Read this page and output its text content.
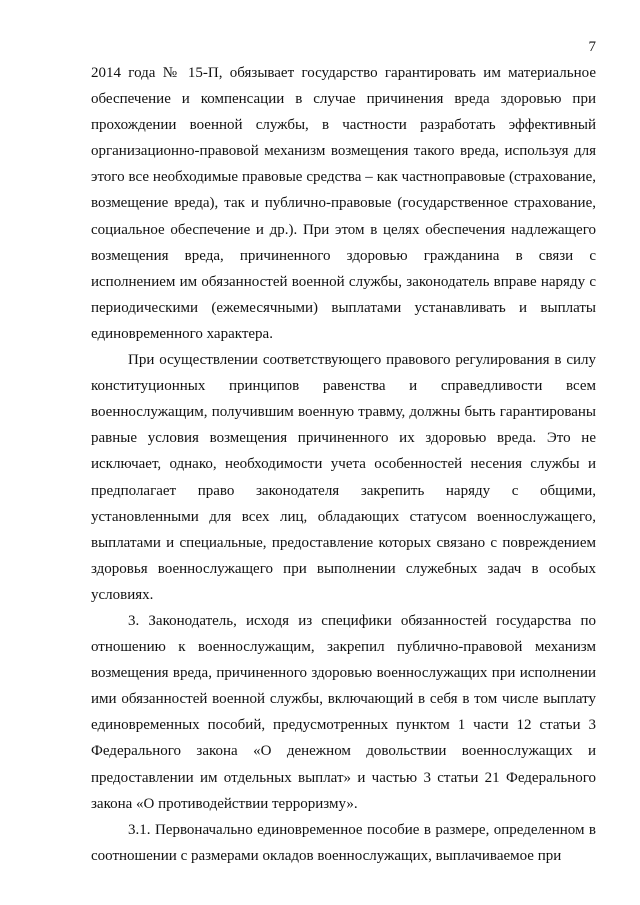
7

2014 года № 15-П, обязывает государство гарантировать им материальное обеспечение и компенсации в случае причинения вреда здоровью при прохождении военной службы, в частности разработать эффективный организационно-правовой механизм возмещения такого вреда, используя для этого все необходимые правовые средства – как частноправовые (страхование, возмещение вреда), так и публично-правовые (государственное страхование, социальное обеспечение и др.). При этом в целях обеспечения надлежащего возмещения вреда, причиненного здоровью гражданина в связи с исполнением им обязанностей военной службы, законодатель вправе наряду с периодическими (ежемесячными) выплатами устанавливать и выплаты единовременного характера.

При осуществлении соответствующего правового регулирования в силу конституционных принципов равенства и справедливости всем военнослужащим, получившим военную травму, должны быть гарантированы равные условия возмещения причиненного их здоровью вреда. Это не исключает, однако, необходимости учета особенностей несения службы и предполагает право законодателя закрепить наряду с общими, установленными для всех лиц, обладающих статусом военнослужащего, выплатами и специальные, предоставление которых связано с повреждением здоровья военнослужащего при выполнении служебных задач в особых условиях.

3. Законодатель, исходя из специфики обязанностей государства по отношению к военнослужащим, закрепил публично-правовой механизм возмещения вреда, причиненного здоровью военнослужащих при исполнении ими обязанностей военной службы, включающий в себя в том числе выплату единовременных пособий, предусмотренных пунктом 1 части 12 статьи 3 Федерального закона «О денежном довольствии военнослужащих и предоставлении им отдельных выплат» и частью 3 статьи 21 Федерального закона «О противодействии терроризму».

3.1. Первоначально единовременное пособие в размере, определенном в соотношении с размерами окладов военнослужащих, выплачиваемое при
